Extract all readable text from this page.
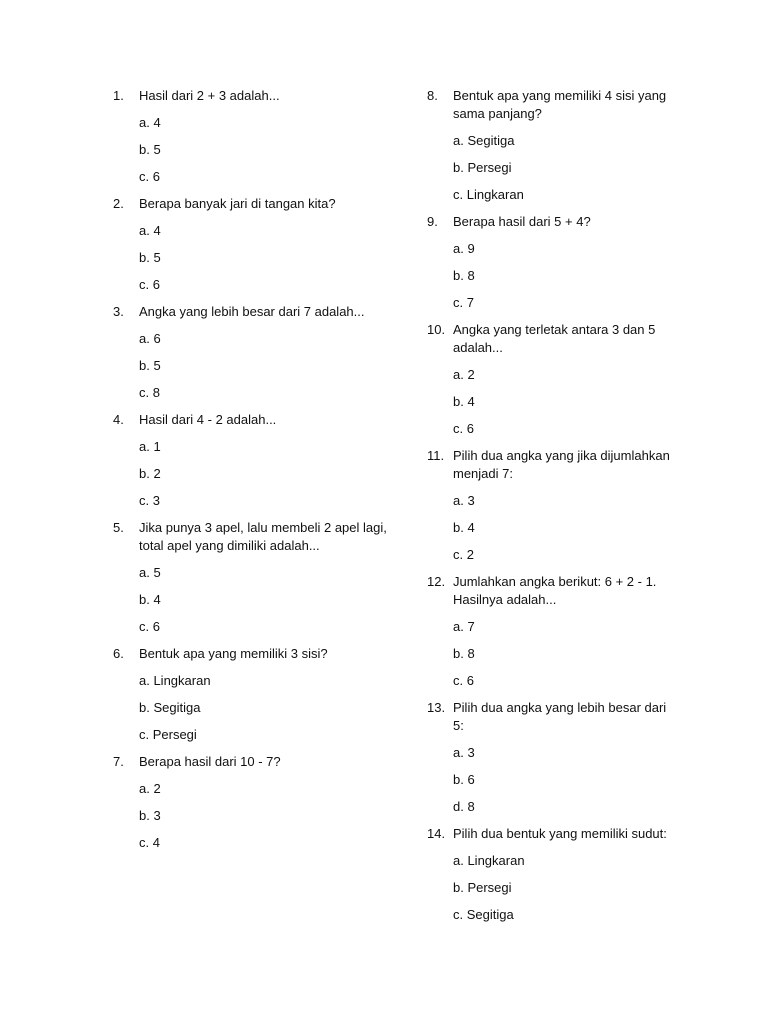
1.	Hasil dari 2 + 3 adalah...
a. 4
b. 5
c. 6
2.	Berapa banyak jari di tangan kita?
a. 4
b. 5
c. 6
3.	Angka yang lebih besar dari 7 adalah...
a. 6
b. 5
c. 8
4.	Hasil dari 4 - 2 adalah...
a. 1
b. 2
c. 3
5.	Jika punya 3 apel, lalu membeli 2 apel lagi, total apel yang dimiliki adalah...
a. 5
b. 4
c. 6
6.	Bentuk apa yang memiliki 3 sisi?
a. Lingkaran
b. Segitiga
c. Persegi
7.	Berapa hasil dari 10 - 7?
a. 2
b. 3
c. 4
8.	Bentuk apa yang memiliki 4 sisi yang sama panjang?
a. Segitiga
b. Persegi
c. Lingkaran
9.	Berapa hasil dari 5 + 4?
a. 9
b. 8
c. 7
10. Angka yang terletak antara 3 dan 5 adalah...
a. 2
b. 4
c. 6
11. Pilih dua angka yang jika dijumlahkan menjadi 7:
a. 3
b. 4
c. 2
12. Jumlahkan angka berikut: 6 + 2 - 1. Hasilnya adalah...
a. 7
b. 8
c. 6
13. Pilih dua angka yang lebih besar dari 5:
a. 3
b. 6
d. 8
14. Pilih dua bentuk yang memiliki sudut:
a. Lingkaran
b. Persegi
c. Segitiga
